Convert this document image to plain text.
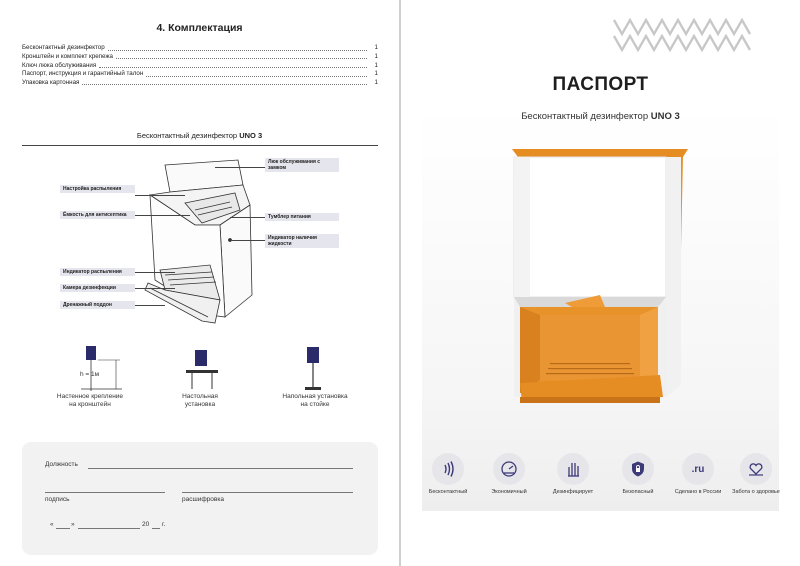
4. Комплектация
Бесконтактный дезинфектор	1
Кронштейн и комплект крепежа	1
Ключ люка обслуживания	1
Паспорт, инструкция и гарантийный талон	1
Упаковка картонная	1
Бесконтактный дезинфектор UNO 3
Люк обслуживания с замком
Настройка распыления
Ёмкость для антисептика	Тумблер питания
Индикатор наличия жидкости
Индикатор распыления
Камера дезинфекции
Дренажный поддон
h = 1м
Настенное крепление
на кронштейн
Настольная
установка
Напольная установка
на стойке
Должность
подпись	расшифровка
«	»	20 г.
ПАСПОРТ
Бесконтактный дезинфектор UNO 3
Бесконтактный	Экономичный	Дезинфицирует	Безопасный
.ru
Сделано в России Забота о здоровье
